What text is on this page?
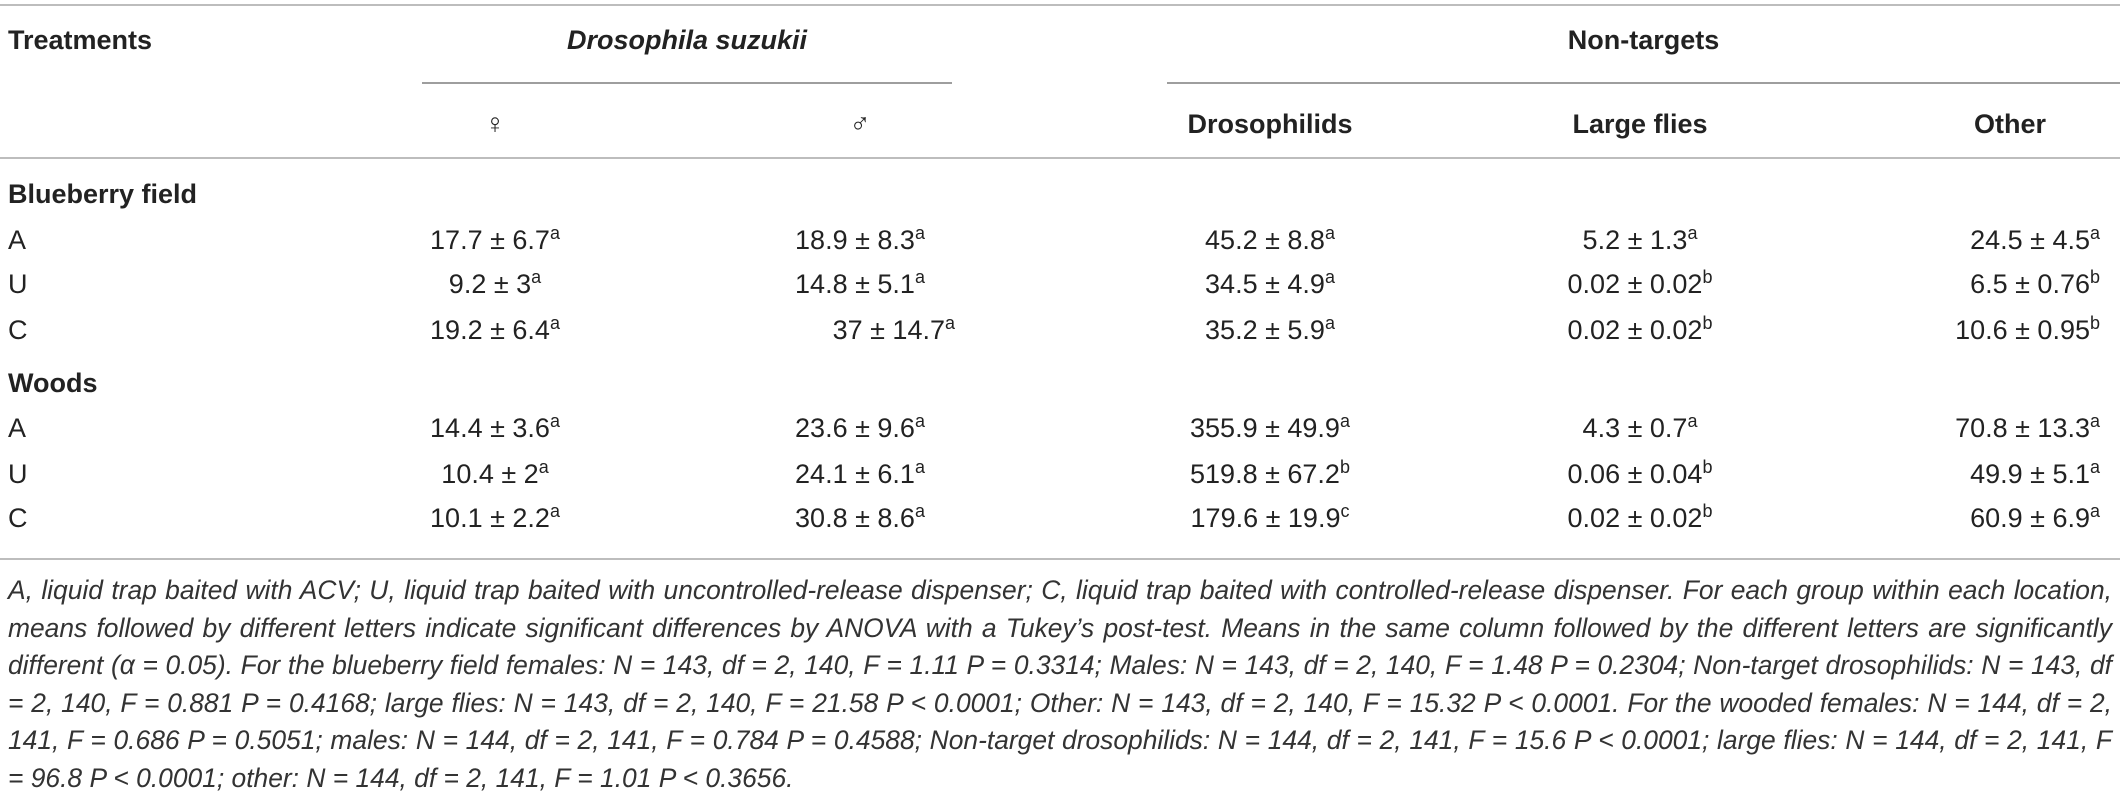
Treatments	Drosophila suzukii	Non-targets
♀	♂	Drosophilids	Large flies	Other
Blueberry field
A	17.7 ± 6.7$^a$	18.9 ± 8.3$^a$	45.2 ± 8.8$^a$	5.2 ± 1.3$^a$	24.5 ± 4.5$^a$
U	$9.2 \pm 3^a$	14.8 ± 5.1$^a$	34.5 ± 4.9$^a$	0.02 ± 0.02$^b$	6.5 ± 0.76$^b$
C	19.2 ± 6.4$^a$	37 ± 14.7$^a$	35.2 ± 5.9$^a$	0.02 ± 0.02$^b$	10.6 ± 0.95$^b$
Woods
A	14.4 ± 3.6$^a$	23.6 ± 9.6$^a$	355.9 ± 49.9$^a$	4.3 ± 0.7$^a$	70.8 ± 13.3$^a$
U	$10.4 \pm 2^a$	24.1 ± 6.1$^a$	519.8 ± 67.2$^b$	0.06 ± 0.04$^b$	49.9 ± 5.1$^a$
C	10.1 ± 2.2$^a$	30.8 ± 8.6$^a$	179.6 ± 19.9$^c$	0.02 ± 0.02$^b$	60.9 ± 6.9$^a$
A, liquid trap baited with ACV; U, liquid trap baited with uncontrolled-release dispenser; C, liquid trap baited with controlled-release dispenser. For each group within each location, means followed by different letters indicate significant differences by ANOVA with a Tukey’s post-test. Means in the same column followed by the different letters are significantly different (α = 0.05). For the blueberry field females: N = 143, df = 2, 140, F = 1.11 P = 0.3314; Males: N = 143, df = 2, 140, F = 1.48 P = 0.2304; Non-target drosophilids: N = 143, df = 2, 140, F = 0.881 P = 0.4168; large flies: N = 143, df = 2, 140, F = 21.58 P < 0.0001; Other: N = 143, df = 2, 140, F = 15.32 P < 0.0001. For the wooded females: N = 144, df = 2, 141, F = 0.686 P = 0.5051; males: N = 144, df = 2, 141, F = 0.784 P = 0.4588; Non-target drosophilids: N = 144, df = 2, 141, F = 15.6 P < 0.0001; large flies: N = 144, df = 2, 141, F = 96.8 P < 0.0001; other: N = 144, df = 2, 141, F = 1.01 P < 0.3656.
